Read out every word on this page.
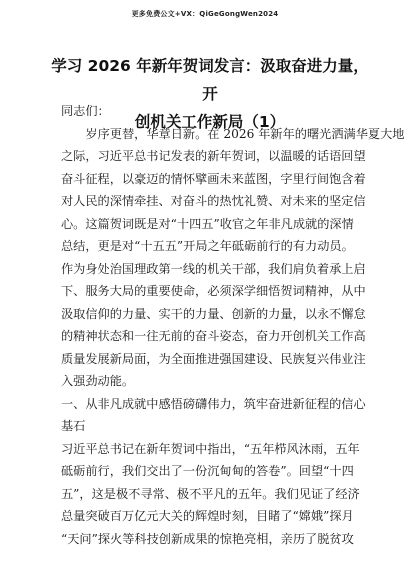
更多免费公文+VX：QiGeGongWen2024
学习 2026 年新年贺词发言：汲取奋进力量，开
创机关工作新局（1）
同志们：
岁序更替，华章日新。在 2026 年新年的曙光洒满华夏大地
之际，习近平总书记发表的新年贺词，以温暖的话语回望
奋斗征程，以豪迈的情怀擘画未来蓝图，字里行间饱含着
对人民的深情牵挂、对奋斗的热忱礼赞、对未来的坚定信
心。这篇贺词既是对“十四五”收官之年非凡成就的深情
总结，更是对“十五五”开局之年砥砺前行的有力动员。
作为身处治国理政第一线的机关干部，我们肩负着承上启
下、服务大局的重要使命，必须深学细悟贺词精神，从中
汲取信仰的力量、实干的力量、创新的力量，以永不懈怠
的精神状态和一往无前的奋斗姿态，奋力开创机关工作高
质量发展新局面，为全面推进强国建设、民族复兴伟业注
入强劲动能。
一、从非凡成就中感悟磅礴伟力，筑牢奋进新征程的信心
基石
习近平总书记在新年贺词中指出，“五年栉风沐雨，五年
砥砺前行，我们交出了一份沉甸甸的答卷”。回望“十四
五”，这是极不寻常、极不平凡的五年。我们见证了经济
总量突破百万亿元大关的辉煌时刻，目睹了“嫦娥”探月
“天问”探火等科技创新成果的惊艳亮相，亲历了脱贫攻
